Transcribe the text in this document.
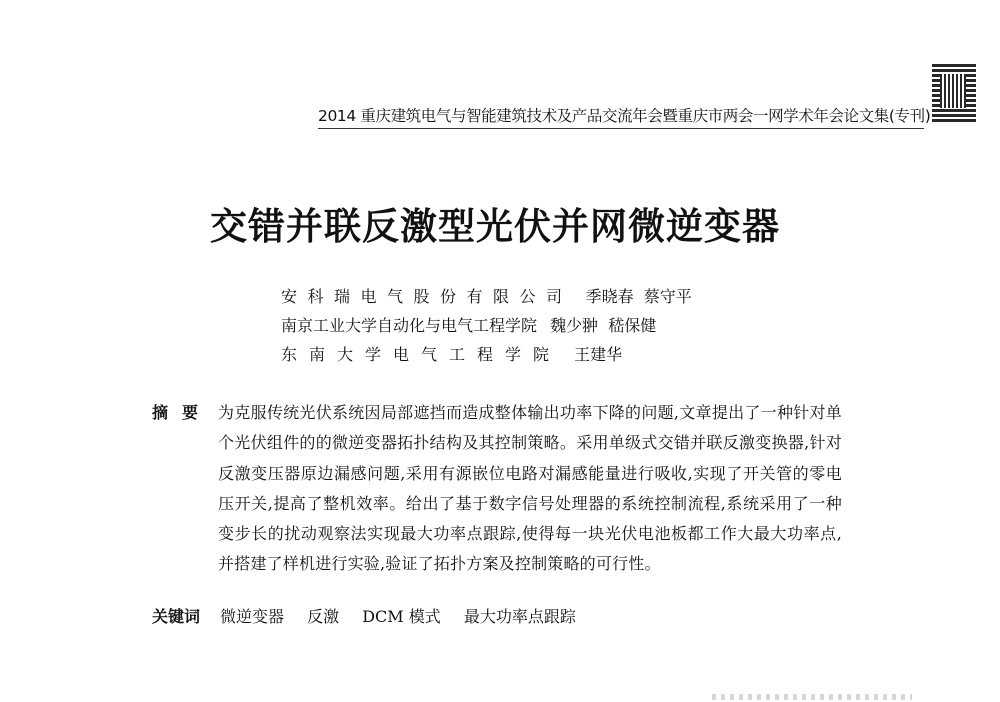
2014 重庆建筑电气与智能建筑技术及产品交流年会暨重庆市两会一网学术年会论文集(专刊)
交错并联反激型光伏并网微逆变器
安科瑞电气股份有限公司 季晓春  蔡守平
南京工业大学自动化与电气工程学院 魏少翀  嵇保健
东南大学电气工程学院 王建华
摘要 为克服传统光伏系统因局部遮挡而造成整体输出功率下降的问题,文章提出了一种针对单个光伏组件的的微逆变器拓扑结构及其控制策略。采用单级式交错并联反激变换器,针对反激变压器原边漏感问题,采用有源嵌位电路对漏感能量进行吸收,实现了开关管的零电压开关,提高了整机效率。给出了基于数字信号处理器的系统控制流程,系统采用了一种变步长的扰动观察法实现最大功率点跟踪,使得每一块光伏电池板都工作大最大功率点,并搭建了样机进行实验,验证了拓扑方案及控制策略的可行性。
关键词 微逆变器 反激 DCM 模式 最大功率点跟踪
